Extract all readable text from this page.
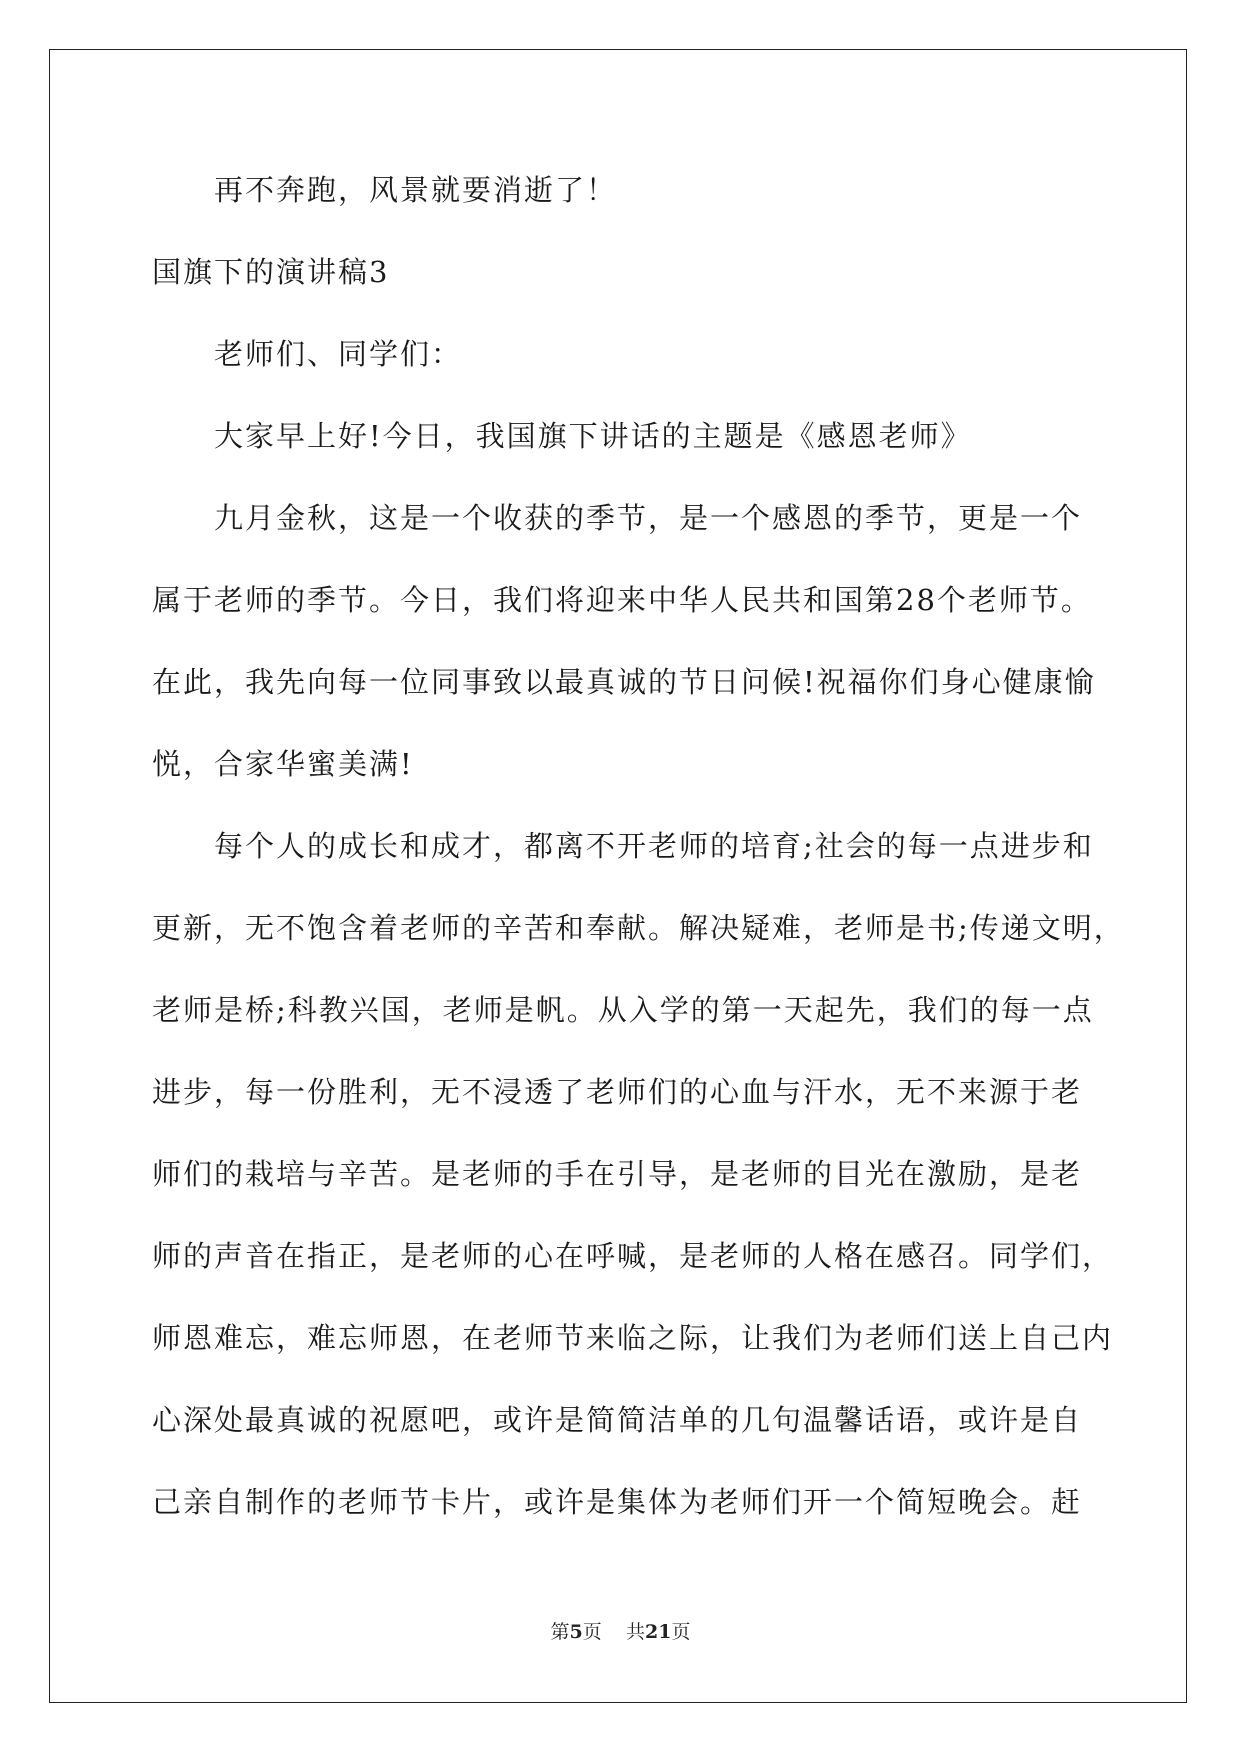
再不奔跑，风景就要消逝了！
国旗下的演讲稿3
老师们、同学们：
大家早上好!今日，我国旗下讲话的主题是《感恩老师》
九月金秋，这是一个收获的季节，是一个感恩的季节，更是一个
属于老师的季节。今日，我们将迎来中华人民共和国第28个老师节。
在此，我先向每一位同事致以最真诚的节日问候!祝福你们身心健康愉
悦，合家华蜜美满!
每个人的成长和成才，都离不开老师的培育;社会的每一点进步和
更新，无不饱含着老师的辛苦和奉献。解决疑难，老师是书;传递文明，
老师是桥;科教兴国，老师是帆。从入学的第一天起先，我们的每一点
进步，每一份胜利，无不浸透了老师们的心血与汗水，无不来源于老
师们的栽培与辛苦。是老师的手在引导，是老师的目光在激励，是老
师的声音在指正，是老师的心在呼喊，是老师的人格在感召。同学们，
师恩难忘，难忘师恩，在老师节来临之际，让我们为老师们送上自己内
心深处最真诚的祝愿吧，或许是简简洁单的几句温馨话语，或许是自
己亲自制作的老师节卡片，或许是集体为老师们开一个简短晚会。赶
第5页 共21页
